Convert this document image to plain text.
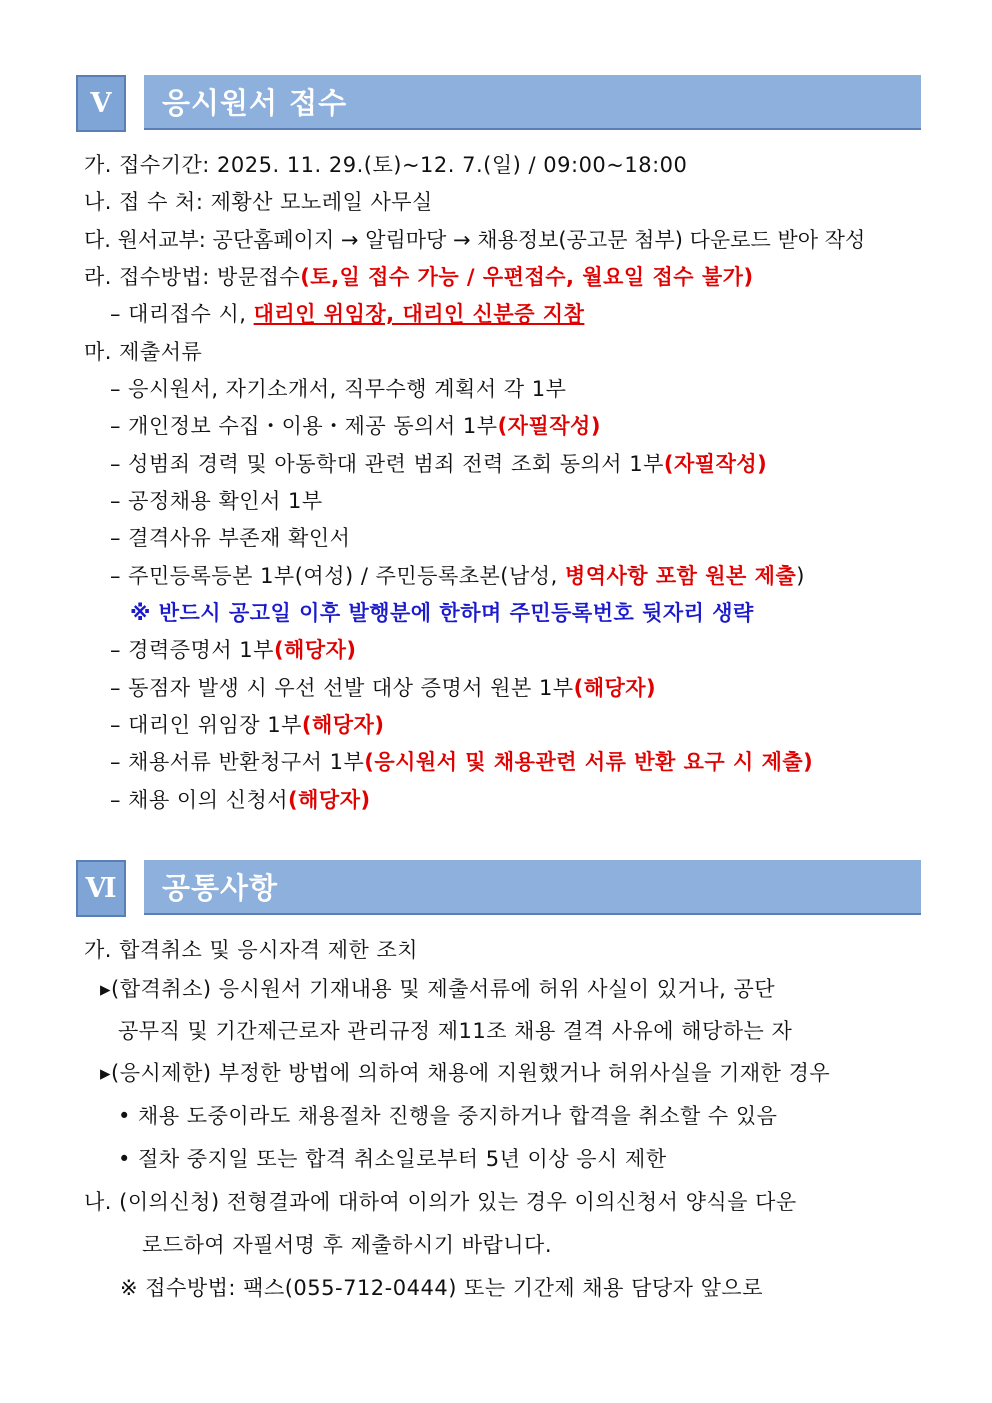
Ⅴ	응시원서 접수
가. 접수기간: 2025. 11. 29.(토)~12. 7.(일) / 09:00~18:00
나. 접 수 처: 제황산 모노레일 사무실
다. 원서교부: 공단홈페이지 → 알림마당 → 채용정보(공고문 첨부) 다운로드 받아 작성
라. 접수방법: 방문접수(토,일 접수 가능 / 우편접수, 월요일 접수 불가)
– 대리접수 시, 대리인 위임장, 대리인 신분증 지참
마. 제출서류
– 응시원서, 자기소개서, 직무수행 계획서 각 1부
– 개인정보 수집・이용・제공 동의서 1부(자필작성)
– 성범죄 경력 및 아동학대 관련 범죄 전력 조회 동의서 1부(자필작성)
– 공정채용 확인서 1부
– 결격사유 부존재 확인서
– 주민등록등본 1부(여성) / 주민등록초본(남성, 병역사항 포함 원본 제출)
※ 반드시 공고일 이후 발행분에 한하며 주민등록번호 뒷자리 생략
– 경력증명서 1부(해당자)
– 동점자 발생 시 우선 선발 대상 증명서 원본 1부(해당자)
– 대리인 위임장 1부(해당자)
– 채용서류 반환청구서 1부(응시원서 및 채용관련 서류 반환 요구 시 제출)
– 채용 이의 신청서(해당자)
Ⅵ	공통사항
가. 합격취소 및 응시자격 제한 조치
▸(합격취소) 응시원서 기재내용 및 제출서류에 허위 사실이 있거나, 공단
공무직 및 기간제근로자 관리규정 제11조 채용 결격 사유에 해당하는 자
▸(응시제한) 부정한 방법에 의하여 채용에 지원했거나 허위사실을 기재한 경우
• 채용 도중이라도 채용절차 진행을 중지하거나 합격을 취소할 수 있음
• 절차 중지일 또는 합격 취소일로부터 5년 이상 응시 제한
나. (이의신청) 전형결과에 대하여 이의가 있는 경우 이의신청서 양식을 다운
로드하여 자필서명 후 제출하시기 바랍니다.
※ 접수방법: 팩스(055-712-0444) 또는 기간제 채용 담당자 앞으로
